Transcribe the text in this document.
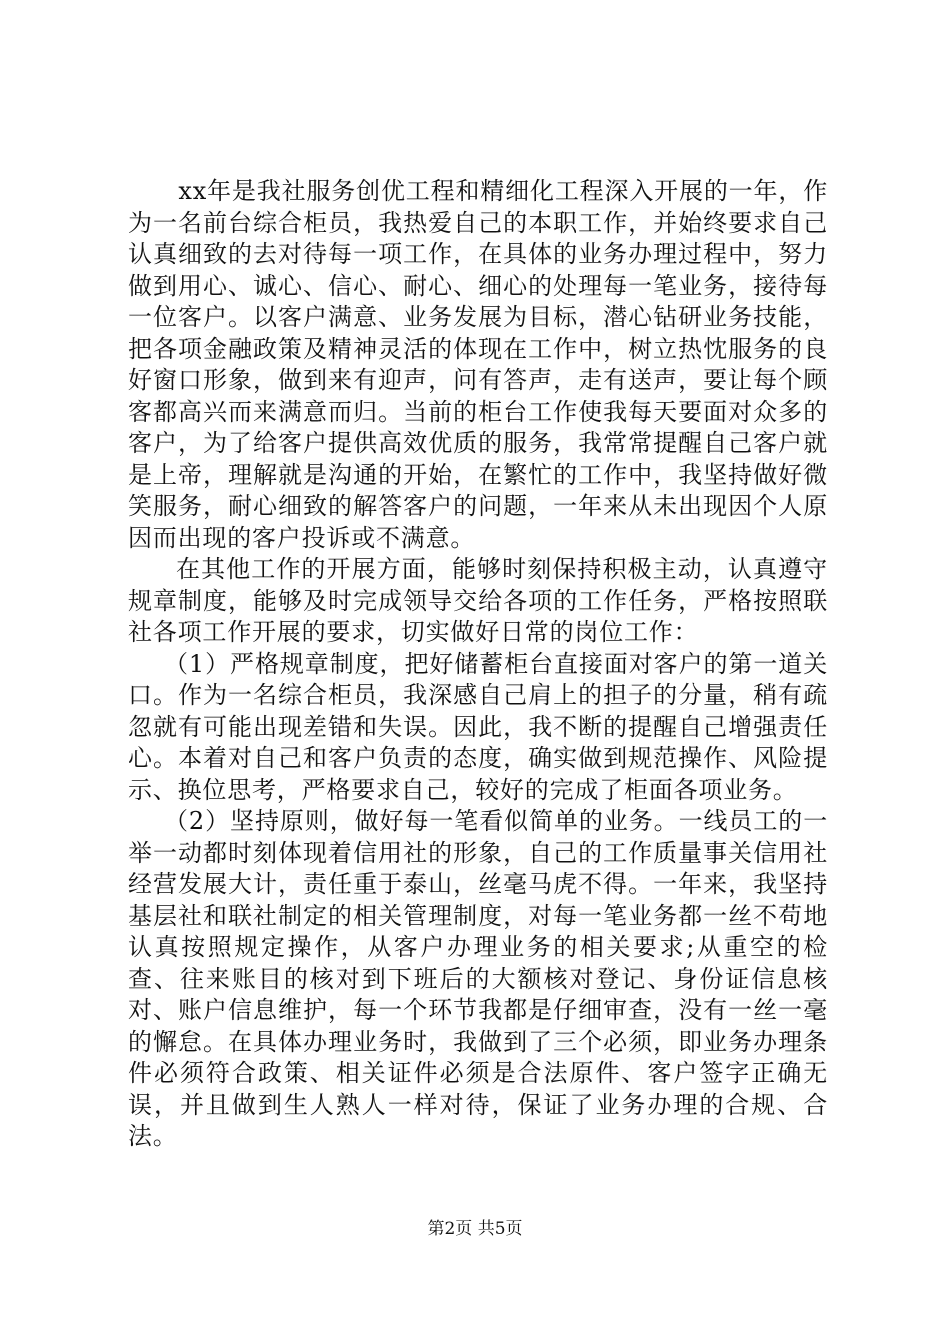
xx年是我社服务创优工程和精细化工程深入开展的一年，作为一名前台综合柜员，我热爱自己的本职工作，并始终要求自己认真细致的去对待每一项工作，在具体的业务办理过程中，努力做到用心、诚心、信心、耐心、细心的处理每一笔业务，接待每一位客户。以客户满意、业务发展为目标，潜心钻研业务技能，把各项金融政策及精神灵活的体现在工作中，树立热忱服务的良好窗口形象，做到来有迎声，问有答声，走有送声，要让每个顾客都高兴而来满意而归。当前的柜台工作使我每天要面对众多的客户，为了给客户提供高效优质的服务，我常常提醒自己客户就是上帝，理解就是沟通的开始，在繁忙的工作中，我坚持做好微笑服务，耐心细致的解答客户的问题，一年来从未出现因个人原因而出现的客户投诉或不满意。

在其他工作的开展方面，能够时刻保持积极主动，认真遵守规章制度，能够及时完成领导交给各项的工作任务，严格按照联社各项工作开展的要求，切实做好日常的岗位工作：

（1）严格规章制度，把好储蓄柜台直接面对客户的第一道关口。作为一名综合柜员，我深感自己肩上的担子的分量，稍有疏忽就有可能出现差错和失误。因此，我不断的提醒自己增强责任心。本着对自己和客户负责的态度，确实做到规范操作、风险提示、换位思考，严格要求自己，较好的完成了柜面各项业务。

（2）坚持原则，做好每一笔看似简单的业务。一线员工的一举一动都时刻体现着信用社的形象，自己的工作质量事关信用社经营发展大计，责任重于泰山，丝毫马虎不得。一年来，我坚持基层社和联社制定的相关管理制度，对每一笔业务都一丝不苟地认真按照规定操作，从客户办理业务的相关要求;从重空的检查、往来账目的核对到下班后的大额核对登记、身份证信息核对、账户信息维护，每一个环节我都是仔细审查，没有一丝一毫的懈怠。在具体办理业务时，我做到了三个必须，即业务办理条件必须符合政策、相关证件必须是合法原件、客户签字正确无误，并且做到生人熟人一样对待，保证了业务办理的合规、合法。

第2页 共5页
